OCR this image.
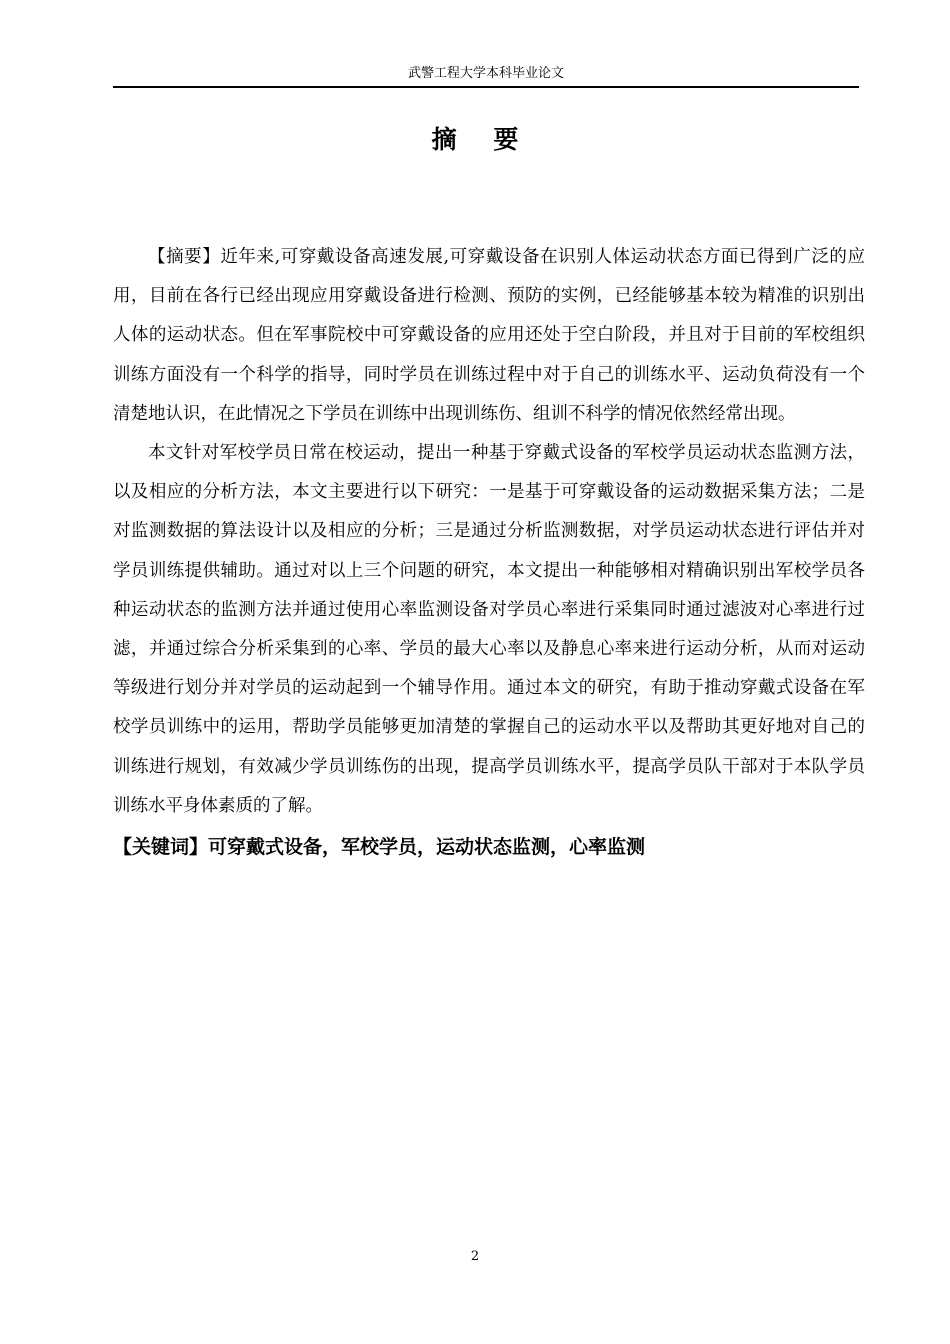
武警工程大学本科毕业论文
摘 要

【摘要】近年来,可穿戴设备高速发展,可穿戴设备在识别人体运动状态方面已得到广泛的应用，目前在各行已经出现应用穿戴设备进行检测、预防的实例，已经能够基本较为精准的识别出人体的运动状态。但在军事院校中可穿戴设备的应用还处于空白阶段，并且对于目前的军校组织训练方面没有一个科学的指导，同时学员在训练过程中对于自己的训练水平、运动负荷没有一个清楚地认识，在此情况之下学员在训练中出现训练伤、组训不科学的情况依然经常出现。

本文针对军校学员日常在校运动，提出一种基于穿戴式设备的军校学员运动状态监测方法，以及相应的分析方法，本文主要进行以下研究：一是基于可穿戴设备的运动数据采集方法；二是对监测数据的算法设计以及相应的分析；三是通过分析监测数据，对学员运动状态进行评估并对学员训练提供辅助。通过对以上三个问题的研究，本文提出一种能够相对精确识别出军校学员各种运动状态的监测方法并通过使用心率监测设备对学员心率进行采集同时通过滤波对心率进行过滤，并通过综合分析采集到的心率、学员的最大心率以及静息心率来进行运动分析，从而对运动等级进行划分并对学员的运动起到一个辅导作用。通过本文的研究，有助于推动穿戴式设备在军校学员训练中的运用，帮助学员能够更加清楚的掌握自己的运动水平以及帮助其更好地对自己的训练进行规划，有效减少学员训练伤的出现，提高学员训练水平，提高学员队干部对于本队学员训练水平身体素质的了解。

【关键词】可穿戴式设备，军校学员，运动状态监测，心率监测

2
